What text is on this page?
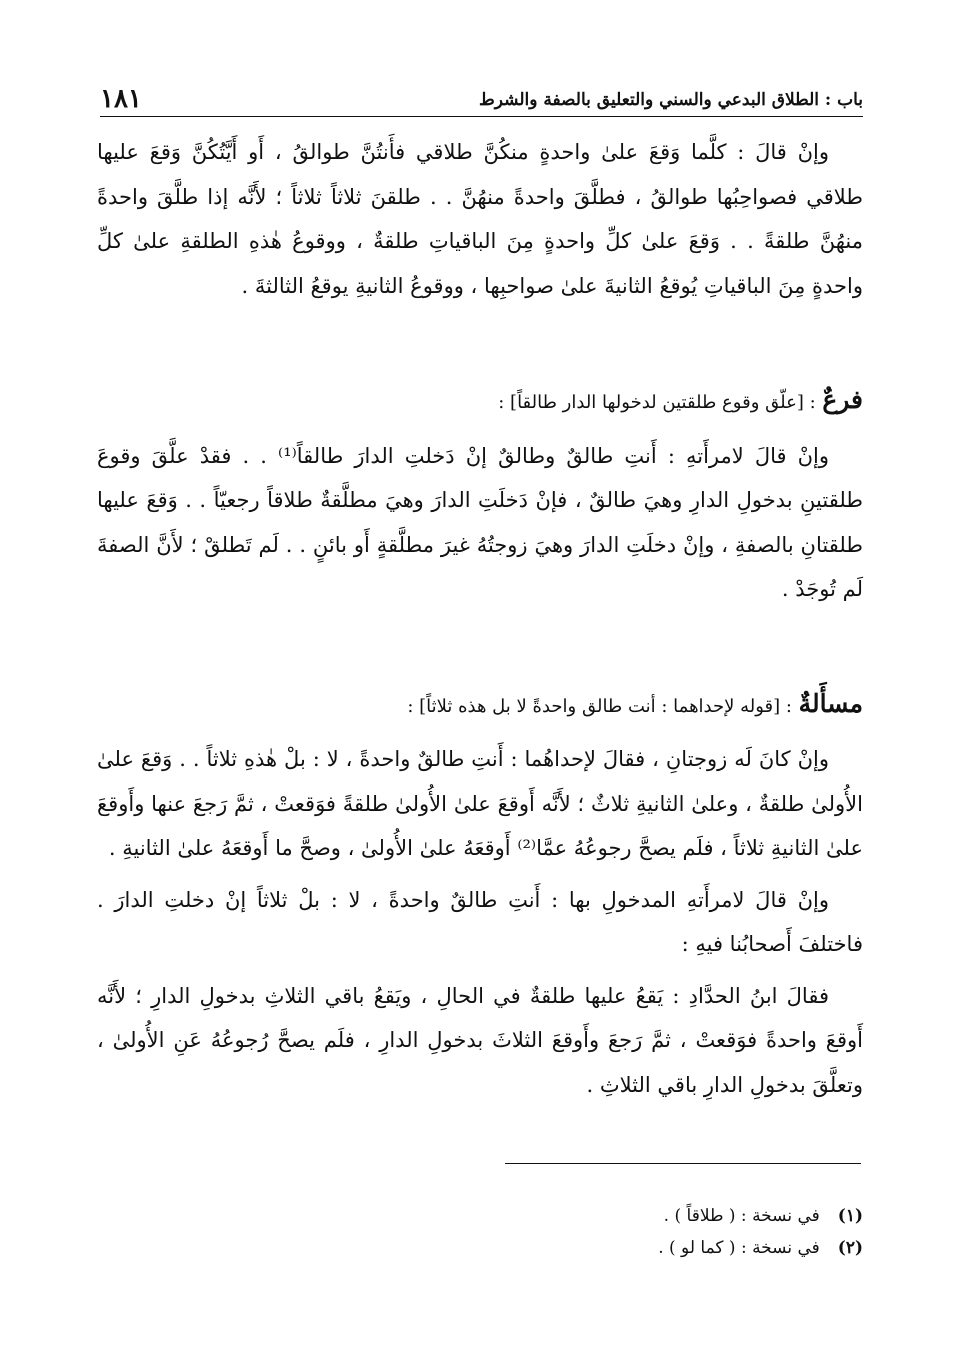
باب : الطلاق البدعي والسني والتعليق بالصفة والشرط
١٨١

وإنْ قالَ : كلَّما وَقعَ علىٰ واحدةٍ منكُنَّ طلاقي فأَنتُنَّ طوالقُ ، أَو أَيَّتُكُنَّ وَقعَ عليها طلاقي فصواحِبُها طوالقُ ، فطلَّقَ واحدةً منهُنَّ . . طلقنَ ثلاثاً ثلاثاً ؛ لأَنَّه إذا طلَّقَ واحدةً منهُنَّ طلقةً . . وَقعَ علىٰ كلِّ واحدةٍ مِنَ الباقياتِ طلقةٌ ، ووقوعُ هٰذهِ الطلقةِ علىٰ كلِّ واحدةٍ مِنَ الباقياتِ يُوقعُ الثانيةَ علىٰ صواحبِها ، ووقوعُ الثانيةِ يوقعُ الثالثةَ .

فرعٌ : [علّق وقوع طلقتين لدخولها الدار طالقاً] :

وإنْ قالَ لامرأَتهِ : أَنتِ طالقٌ وطالقٌ إنْ دَخلتِ الدارَ طالقاً⁽¹⁾ . . فقدْ علَّقَ وقوعَ طلقتينِ بدخولِ الدارِ وهيَ طالقٌ ، فإنْ دَخلَتِ الدارَ وهيَ مطلَّقةٌ طلاقاً رجعيّاً . . وَقعَ عليها طلقتانِ بالصفةِ ، وإنْ دخلَتِ الدارَ وهيَ زوجتُهُ غيرَ مطلَّقةٍ أَو بائنٍ . . لَم تَطلقْ ؛ لأَنَّ الصفةَ لَم تُوجَدْ .

مسأَلةٌ : [قوله لإحداهما : أنت طالق واحدةً لا بل هذه ثلاثاً] :

وإنْ كانَ لَه زوجتانِ ، فقالَ لإحداهُما : أَنتِ طالقٌ واحدةً ، لا : بلْ هٰذهِ ثلاثاً . . وَقعَ علىٰ الأُولىٰ طلقةٌ ، وعلىٰ الثانيةِ ثلاثٌ ؛ لأَنَّه أَوقعَ علىٰ الأُولىٰ طلقةً فوَقعتْ ، ثمَّ رَجعَ عنها وأَوقعَ علىٰ الثانيةِ ثلاثاً ، فلَم يصحَّ رجوعُهُ عمَّا⁽²⁾ أَوقعَهُ علىٰ الأُولىٰ ، وصحَّ ما أَوقعَهُ علىٰ الثانيةِ .

وإنْ قالَ لامرأَتهِ المدخولِ بها : أَنتِ طالقٌ واحدةً ، لا : بلْ ثلاثاً إنْ دخلتِ الدارَ . فاختلفَ أَصحابُنا فيهِ :

فقالَ ابنُ الحدَّادِ : يَقعُ عليها طلقةٌ في الحالِ ، ويَقعُ باقي الثلاثِ بدخولِ الدارِ ؛ لأَنَّه أَوقعَ واحدةً فوَقعتْ ، ثمَّ رَجعَ وأَوقعَ الثلاثَ بدخولِ الدارِ ، فلَم يصحَّ رُجوعُهُ عَنِ الأُولىٰ ، وتعلَّقَ بدخولِ الدارِ باقي الثلاثِ .

(١)
في نسخة : ( طلاقاً ) .
(٢)
في نسخة : ( كما لو ) .
